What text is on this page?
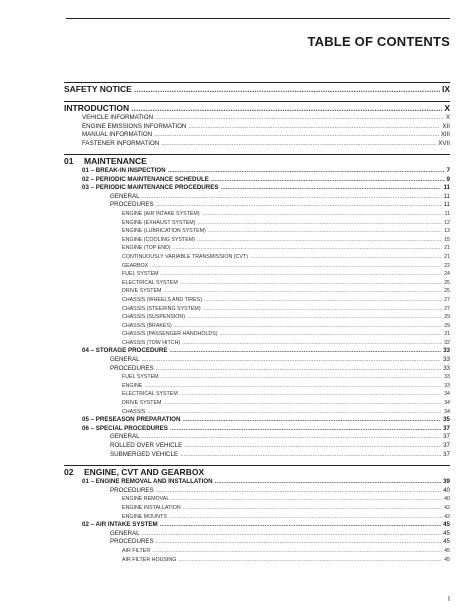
TABLE OF CONTENTS
SAFETY NOTICE .....	IX
INTRODUCTION .....	X
VEHICLE INFORMATION .....	X
ENGINE EMISSIONS INFORMATION .....	XII
MANUAL INFORMATION .....	XIII
FASTENER INFORMATION .....	XVII
01	MAINTENANCE
01 – BREAK-IN INSPECTION .....	7
02 – PERIODIC MAINTENANCE SCHEDULE .....	9
03 – PERIODIC MAINTENANCE PROCEDURES .....	11
GENERAL .....	11
PROCEDURES .....	11
ENGINE (AIR INTAKE SYSTEM) .....	11
ENGINE (EXHAUST SYSTEM) .....	12
ENGINE (LUBRICATION SYSTEM) .....	13
ENGINE (COOLING SYSTEM) .....	15
ENGINE (TOP END) .....	21
CONTINUOUSLY VARIABLE TRANSMISSION (CVT) .....	21
GEARBOX .....	22
FUEL SYSTEM .....	24
ELECTRICAL SYSTEM .....	25
DRIVE SYSTEM .....	25
CHASSIS (WHEELS AND TIRES) .....	27
CHASSIS (STEERING SYSTEM) .....	27
CHASSIS (SUSPENSION) .....	29
CHASSIS (BRAKES) .....	29
CHASSIS (PASSENGER HANDHOLDS) .....	31
CHASSIS (TOW HITCH) .....	32
04 – STORAGE PROCEDURE .....	33
GENERAL .....	33
PROCEDURES .....	33
FUEL SYSTEM .....	33
ENGINE .....	33
ELECTRICAL SYSTEM .....	34
DRIVE SYSTEM .....	34
CHASSIS .....	34
05 – PRESEASON PREPARATION .....	35
06 – SPECIAL PROCEDURES .....	37
GENERAL .....	37
ROLLED OVER VEHICLE .....	37
SUBMERGED VEHICLE .....	37
02	ENGINE, CVT AND GEARBOX
01 – ENGINE REMOVAL AND INSTALLATION .....	39
PROCEDURES .....	40
ENGINE REMOVAL .....	40
ENGINE INSTALLATION .....	42
ENGINE MOUNTS .....	42
02 – AIR INTAKE SYSTEM .....	45
GENERAL .....	45
PROCEDURES .....	45
AIR FILTER .....	45
AIR FILTER HOUSING .....	45
I
